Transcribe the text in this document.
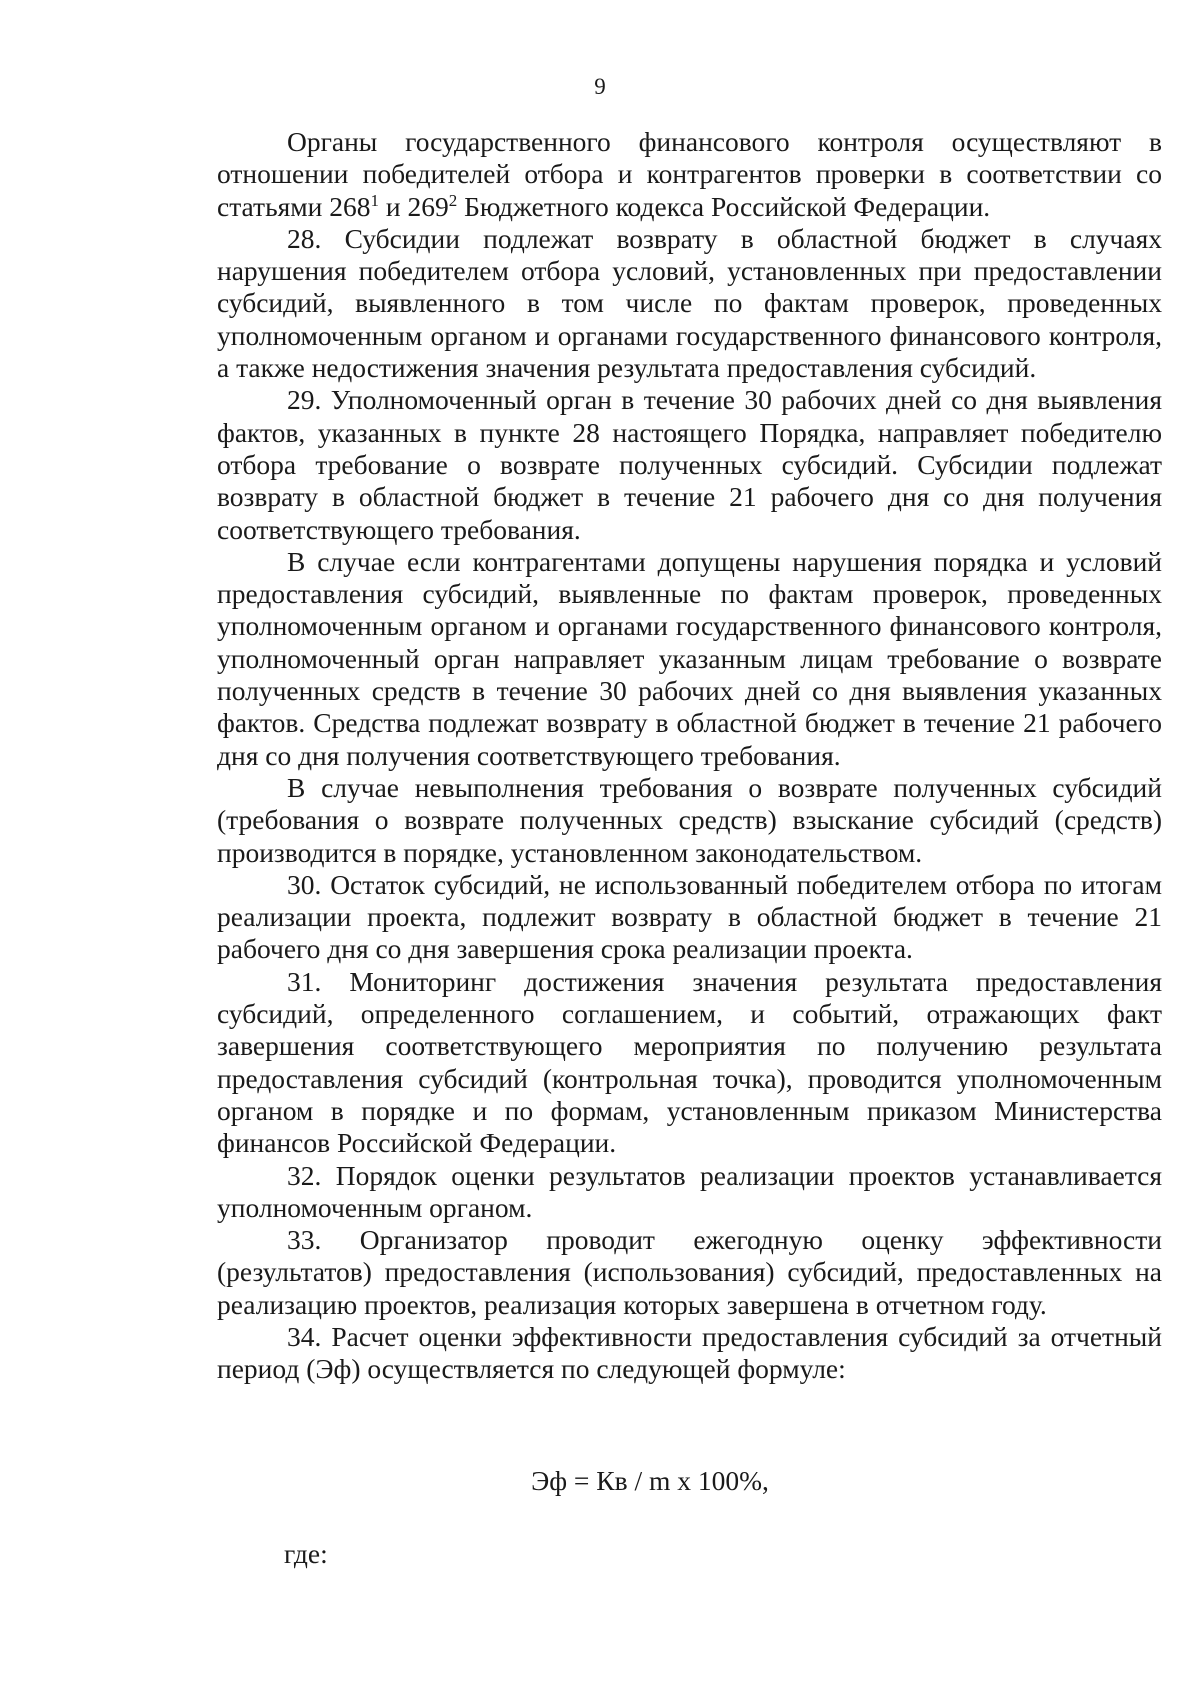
9

Органы государственного финансового контроля осуществляют в отношении победителей отбора и контрагентов проверки в соответствии со статьями $268^1$ и $269^2$ Бюджетного кодекса Российской Федерации.

28. Субсидии подлежат возврату в областной бюджет в случаях нарушения победителем отбора условий, установленных при предоставлении субсидий, выявленного в том числе по фактам проверок, проведенных уполномоченным органом и органами государственного финансового контроля, а также недостижения значения результата предоставления субсидий.

29. Уполномоченный орган в течение 30 рабочих дней со дня выявления фактов, указанных в пункте 28 настоящего Порядка, направляет победителю отбора требование о возврате полученных субсидий. Субсидии подлежат возврату в областной бюджет в течение 21 рабочего дня со дня получения соответствующего требования.

В случае если контрагентами допущены нарушения порядка и условий предоставления субсидий, выявленные по фактам проверок, проведенных уполномоченным органом и органами государственного финансового контроля, уполномоченный орган направляет указанным лицам требование о возврате полученных средств в течение 30 рабочих дней со дня выявления указанных фактов. Средства подлежат возврату в областной бюджет в течение 21 рабочего дня со дня получения соответствующего требования.

В случае невыполнения требования о возврате полученных субсидий (требования о возврате полученных средств) взыскание субсидий (средств) производится в порядке, установленном законодательством.

30. Остаток субсидий, не использованный победителем отбора по итогам реализации проекта, подлежит возврату в областной бюджет в течение 21 рабочего дня со дня завершения срока реализации проекта.

31. Мониторинг достижения значения результата предоставления субсидий, определенного соглашением, и событий, отражающих факт завершения соответствующего мероприятия по получению результата предоставления субсидий (контрольная точка), проводится уполномоченным органом в порядке и по формам, установленным приказом Министерства финансов Российской Федерации.

32. Порядок оценки результатов реализации проектов устанавливается уполномоченным органом.

33. Организатор проводит ежегодную оценку эффективности (результатов) предоставления (использования) субсидий, предоставленных на реализацию проектов, реализация которых завершена в отчетном году.

34. Расчет оценки эффективности предоставления субсидий за отчетный период (Эф) осуществляется по следующей формуле:

Эф = Кв / m x 100%,
где:
